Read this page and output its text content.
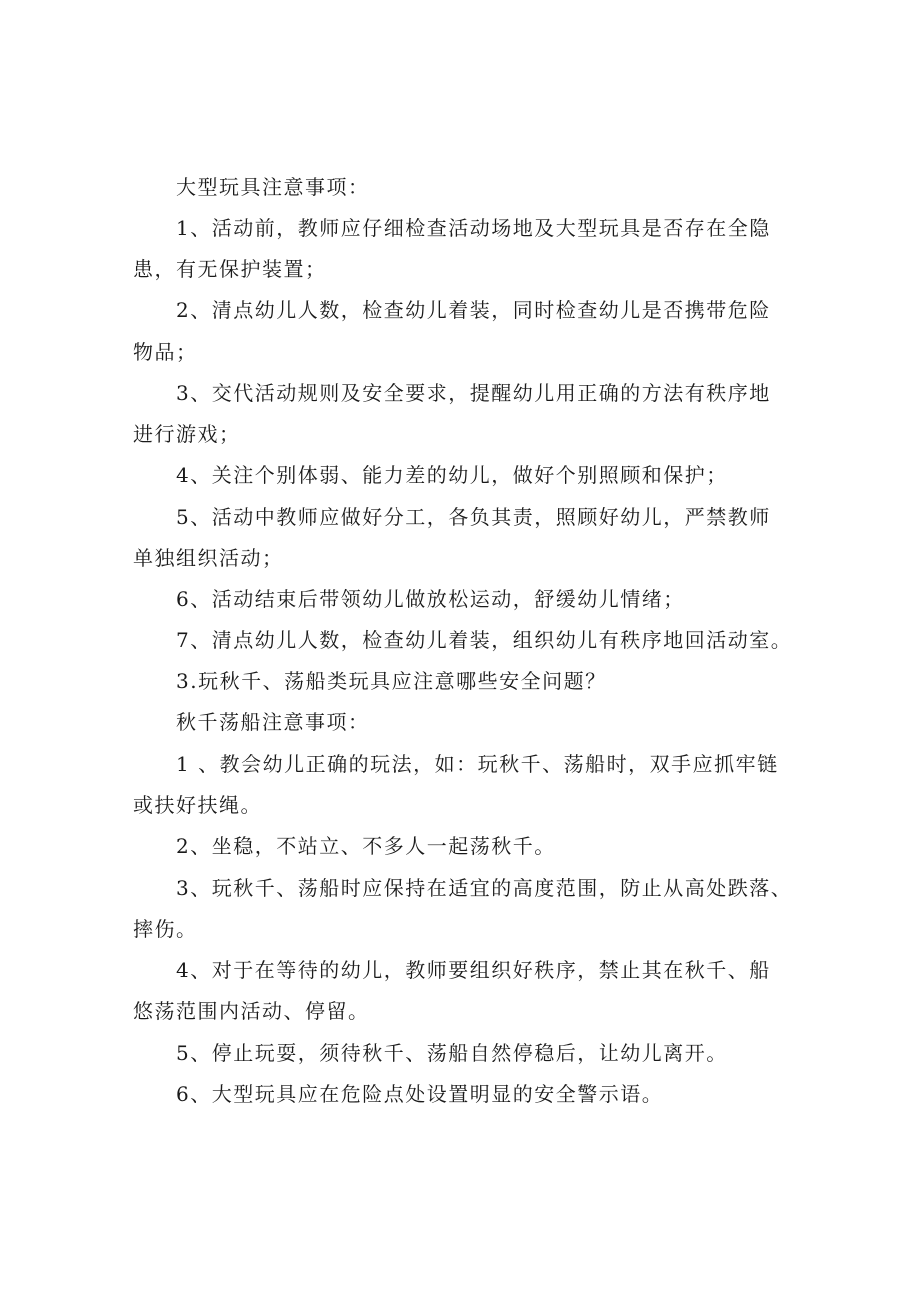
大型玩具注意事项：
1、活动前，教师应仔细检查活动场地及大型玩具是否存在全隐
患，有无保护装置；
2、清点幼儿人数，检查幼儿着装，同时检查幼儿是否携带危险
物品；
3、交代活动规则及安全要求，提醒幼儿用正确的方法有秩序地
进行游戏；
4、关注个别体弱、能力差的幼儿，做好个别照顾和保护；
5、活动中教师应做好分工，各负其责，照顾好幼儿，严禁教师
单独组织活动；
6、活动结束后带领幼儿做放松运动，舒缓幼儿情绪；
7、清点幼儿人数，检查幼儿着装，组织幼儿有秩序地回活动室。
3.玩秋千、荡船类玩具应注意哪些安全问题？
秋千荡船注意事项：
1 、教会幼儿正确的玩法，如：玩秋千、荡船时，双手应抓牢链
或扶好扶绳。
2、坐稳，不站立、不多人一起荡秋千。
3、玩秋千、荡船时应保持在适宜的高度范围，防止从高处跌落、
摔伤。
4、对于在等待的幼儿，教师要组织好秩序，禁止其在秋千、船
悠荡范围内活动、停留。
5、停止玩耍，须待秋千、荡船自然停稳后，让幼儿离开。
6、大型玩具应在危险点处设置明显的安全警示语。
